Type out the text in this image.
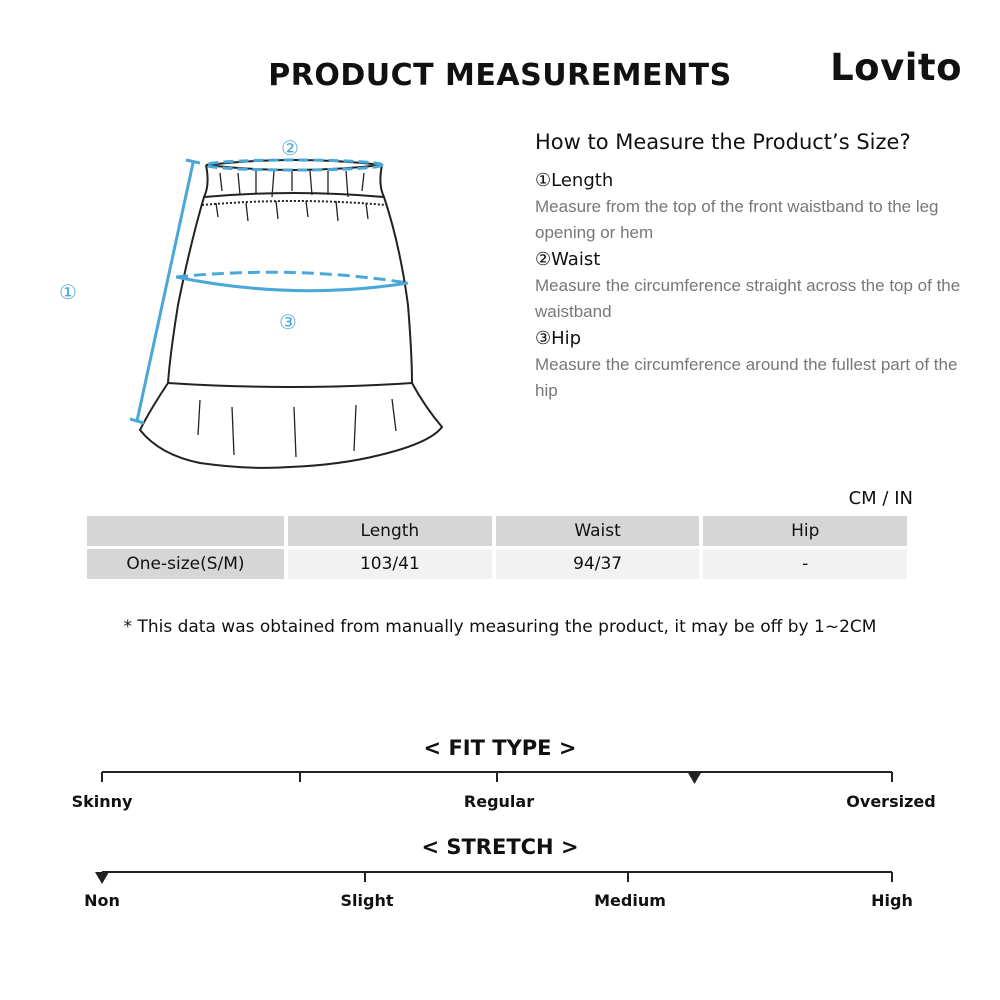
PRODUCT MEASUREMENTS	Lovito
②
①
③
How to Measure the Product’s Size?

①Length

Measure from the top of the front waistband to the leg opening or hem

②Waist

Measure the circumference straight across the top of the waistband

③Hip

Measure the circumference around the fullest part of the hip

CM / IN
	Length	Waist	Hip
One-size(S/M)	103/41	94/37	-
* This data was obtained from manually measuring the product, it may be off by 1~2CM
< FIT TYPE >
Skinny	Regular	Oversized
< STRETCH >
Non	Slight	Medium	High
